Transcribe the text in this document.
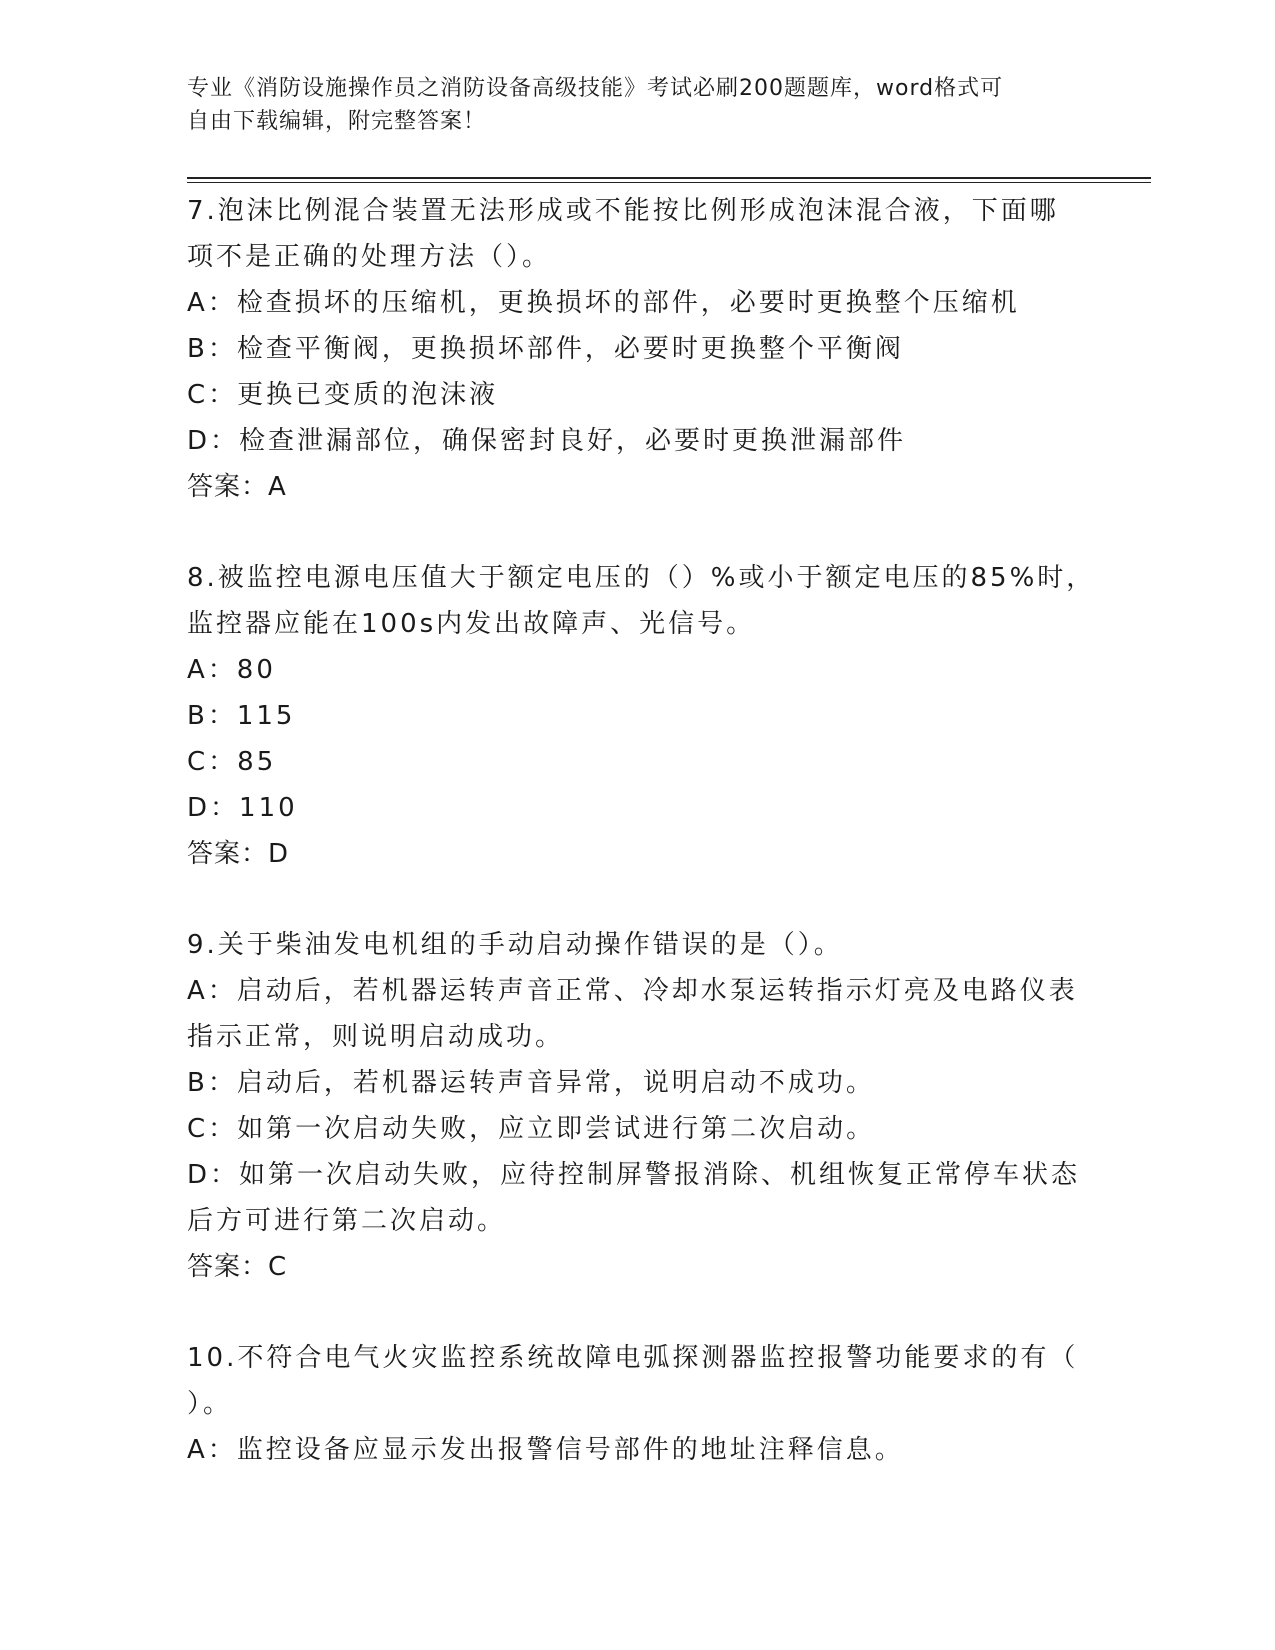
专业《消防设施操作员之消防设备高级技能》考试必刷200题题库，word格式可
自由下载编辑，附完整答案！
7.泡沫比例混合装置无法形成或不能按比例形成泡沫混合液，下面哪
项不是正确的处理方法（）。
A：检查损坏的压缩机，更换损坏的部件，必要时更换整个压缩机
B：检查平衡阀，更换损坏部件，必要时更换整个平衡阀
C：更换已变质的泡沫液
D：检查泄漏部位，确保密封良好，必要时更换泄漏部件
答案：A
8.被监控电源电压值大于额定电压的（）%或小于额定电压的85%时，
监控器应能在100s内发出故障声、光信号。
A：80
B：115
C：85
D：110
答案：D
9.关于柴油发电机组的手动启动操作错误的是（）。
A：启动后，若机器运转声音正常、冷却水泵运转指示灯亮及电路仪表
指示正常，则说明启动成功。
B：启动后，若机器运转声音异常，说明启动不成功。
C：如第一次启动失败，应立即尝试进行第二次启动。
D：如第一次启动失败，应待控制屏警报消除、机组恢复正常停车状态
后方可进行第二次启动。
答案：C
10.不符合电气火灾监控系统故障电弧探测器监控报警功能要求的有（
）。
A：监控设备应显示发出报警信号部件的地址注释信息。
